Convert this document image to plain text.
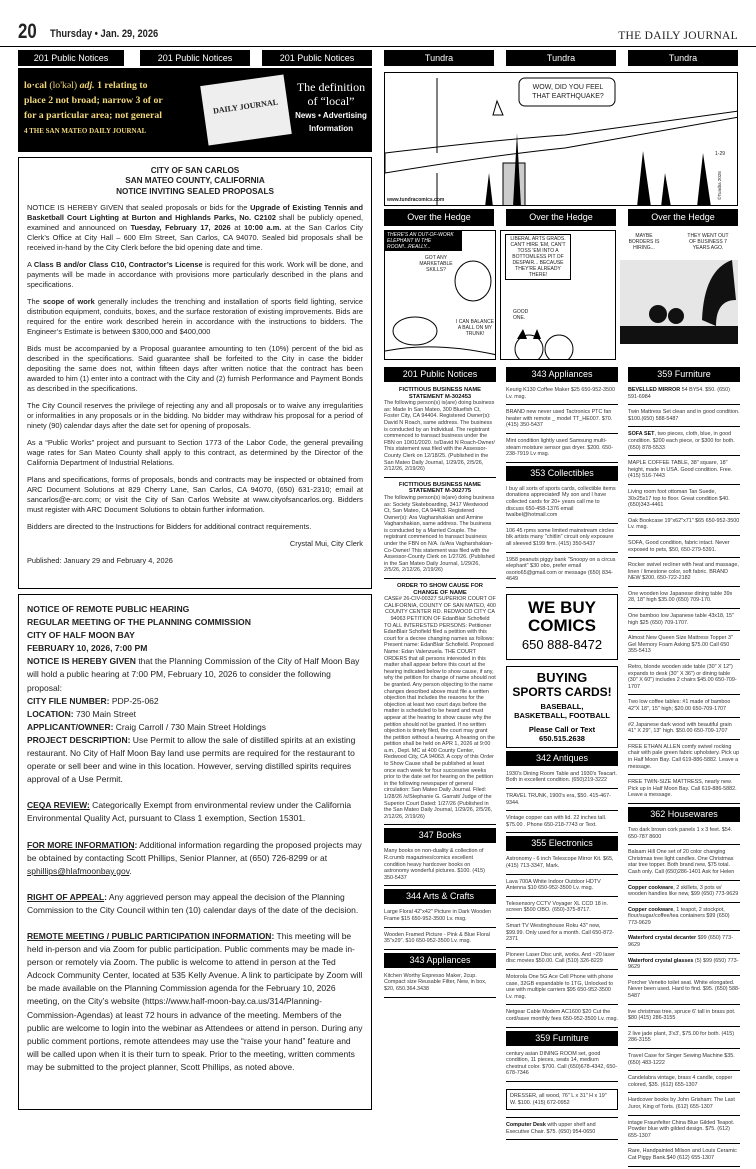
20 Thursday • Jan. 29, 2026	THE DAILY JOURNAL
201 Public Notices	201 Public Notices	201 Public Notices	Tundra	Tundra	Tundra
lo·cal (lo'kəl) adj. 1 relating to
place 2 not broad; narrow 3 of or
for a particular area; not general
4 THE SAN MATEO DAILY JOURNAL
DAILY JOURNAL
The definition
of “local”
News • Advertising
Information
CITY OF SAN CARLOS
SAN MATEO COUNTY, CALIFORNIA
NOTICE INVITING SEALED PROPOSALS

NOTICE IS HEREBY GIVEN that sealed proposals or bids for the Upgrade of Existing Tennis and Basketball Court Lighting at Burton and Highlands Parks, No. C2102 shall be publicly opened, examined and announced on Tuesday, February 17, 2026 at 10:00 a.m. at the San Carlos City Clerk’s Office at City Hall – 600 Elm Street, San Carlos, CA 94070. Sealed bid proposals shall be received in-hand by the City Clerk before the bid opening date and time.

A Class B and/or Class C10, Contractor’s License is required for this work. Work will be done, and payments will be made in accordance with provisions more particularly described in the plans and specifications.

The scope of work generally includes the trenching and installation of sports field lighting, service distribution equipment, conduits, boxes, and the surface restoration of existing improvements. Bids are required for the entire work described herein in accordance with the instructions to bidders. The Engineer’s Estimate is between $300,000 and $400,000

Bids must be accompanied by a Proposal guarantee amounting to ten (10%) percent of the bid as described in the specifications. Said guarantee shall be forfeited to the City in case the bidder depositing the same does not, within fifteen days after written notice that the contract has been awarded to him (1) enter into a contract with the City and (2) furnish Performance and Payment Bonds as described in the specifications.

The City Council reserves the privilege of rejecting any and all proposals or to waive any irregularities or informalities in any proposals or in the bidding. No bidder may withdraw his proposal for a period of ninety (90) calendar days after the date set for opening of proposals.

As a “Public Works” project and pursuant to Section 1773 of the Labor Code, the general prevailing wage rates for San Mateo County shall apply to this contract, as determined by the Director of the California Department of Industrial Relations.

Plans and specifications, forms of proposals, bonds and contracts may be inspected or obtained from ARC Document Solutions at 829 Cherry Lane, San Carlos, CA 94070, (650) 631-2310; email at sancarlos@e-arc.com; or visit the City of San Carlos Website at www.cityofsancarlos.org. Bidders must register with ARC Document Solutions to obtain further information.

Bidders are directed to the Instructions for Bidders for additional contract requirements.

Crystal Mui, City Clerk

Published: January 29 and February 4, 2026

NOTICE OF REMOTE PUBLIC HEARING
REGULAR MEETING OF THE PLANNING COMMISSION
CITY OF HALF MOON BAY
FEBRUARY 10, 2026, 7:00 PM

NOTICE IS HEREBY GIVEN that the Planning Commission of the City of Half Moon Bay will hold a public hearing at 7:00 PM, February 10, 2026 to consider the following proposal:

CITY FILE NUMBER: PDP-25-062

LOCATION: 730 Main Street

APPLICANT/OWNER: Craig Carroll / 730 Main Street Holdings

PROJECT DESCRIPTION: Use Permit to allow the sale of distilled spirits at an existing restaurant. No City of Half Moon Bay land use permits are required for the restaurant to operate or sell beer and wine in this location. However, serving distilled spirits requires approval of a Use Permit.

CEQA REVIEW: Categorically Exempt from environmental review under the California Environmental Quality Act, pursuant to Class 1 exemption, Section 15301.

FOR MORE INFORMATION: Additional information regarding the proposed projects may be obtained by contacting Scott Phillips, Senior Planner, at (650) 726-8299 or at sphillips@hlafmoonbay.gov.

RIGHT OF APPEAL: Any aggrieved person may appeal the decision of the Planning Commission to the City Council within ten (10) calendar days of the date of the decision.

REMOTE MEETING / PUBLIC PARTICIPATION INFORMATION: This meeting will be held in-person and via Zoom for public participation. Public comments may be made in-person or remotely via Zoom. The public is welcome to attend in person at the Ted Adcock Community Center, located at 535 Kelly Avenue. A link to participate by Zoom will be made available on the Planning Commission agenda for the February 10, 2026 meeting, on the City’s website (https://www.half-moon-bay.ca.us/314/Planning-Commission-Agendas) at least 72 hours in advance of the meeting. Members of the public are welcome to login into the webinar as Attendees or attend in person. During any public comment portions, remote attendees may use the “raise your hand” feature and will be called upon when it is their turn to speak. Prior to the meeting, written comments may be submitted to the project planner, Scott Phillips, as noted above.

WOW, DID YOU FEEL THAT EARTHQUAKE?
www.tundracomics.com
1-29
©Tundra 2026
Over the Hedge	Over the Hedge	Over the Hedge
THERE'S AN OUT-OF-WORK ELEPHANT IN THE ROOM!...REALLY...
GOT ANY MARKETABLE SKILLS?
I CAN BALANCE A BALL ON MY TRUNK!
LIBERAL ARTS GRADS. CAN'T HIRE 'EM, CAN'T TOSS 'EM INTO A BOTTOMLESS PIT OF DESPAIR... BECAUSE THEY'RE ALREADY THERE!
GOOD ONE.
MAYBE BORDERS IS HIRING...
THEY WENT OUT OF BUSINESS 7 YEARS AGO.
201 Public Notices
FICTITIOUS BUSINESS NAME
STATEMENT M-302453
The following person(s) is(are) doing business as: Made In San Mateo, 300 Bluefish Ct, Foster City, CA 94404. Registered Owner(s): David N Roach, same address. The business is conducted by an Individual. The registrant commenced to transact business under the FBN on 10/01/2020. /s/David N Roach-Owner/ This statement was filed with the Assessor-County Clerk on 12/18/25. (Published in the San Mateo Daily Journal, 1/29/26, 2/5/26, 2/12/26, 2/19/26)
FICTITIOUS BUSINESS NAME
STATEMENT M-302775
The following person(s) is(are) doing business as: Society Skateboarding, 3417 Westwood Ct, San Mateo, CA 94403. Registered Owner(s): Ara Vagharshakian and Armine Vagharshakian, same address. The business is conducted by a Married Couple. The registrant commenced to transact business under the FBN on N/A. /s/Ara Vagharshakian-Co-Owner/ This statement was filed with the Assessor-County Clerk on 1/27/26. (Published in the San Mateo Daily Journal, 1/29/26, 2/5/26, 2/12/26, 2/19/26)
ORDER TO SHOW CAUSE FOR
CHANGE OF NAME
CASE# 26-CIV-00327 SUPERIOR COURT OF CALIFORNIA, COUNTY OF SAN MATEO, 400 COUNTY CENTER RD. REDWOOD CITY CA 94063 PETITION OF EdanBlair Schofield
TO ALL INTERESTED PERSONS: Petitioner EdanBlair Schofield filed a petition with this court for a decree changing names as follows: Present name: EdanBlair Schofield. Proposed Name: Edan Valenzuela. THE COURT ORDERS that all persons interested in this matter shall appear before this court at the hearing indicated below to show cause, if any, why the petition for change of name should not be granted. Any person objecting to the name changes described above must file a written objection that includes the reasons for the objection at least two court days before the matter is scheduled to be heard and must appear at the hearing to show cause why the petition should not be granted. If no written objection is timely filed, the court may grant the petition without a hearing. A hearing on the petition shall be held on APR 1, 2026 at 9:00 a.m., Dept. MC at 400 County Center, Redwood City, CA 94063. A copy of this Order to Show Cause shall be published at least once each week for four successive weeks prior to the date set for hearing on the petition in the following newspaper of general circulation: San Mateo Daily Journal. Filed: 1/28/26 /s/Stephanie G. Garratt/ Judge of the Superior Court Dated: 1/27/26 (Published in the San Mateo Daily Journal, 1/29/26, 2/5/26, 2/12/26, 2/19/26)
347 Books
Many books on non-duality & collection of R.crumb magazines/comics excellent condition heavy hardcover books on astronomy wonderful pictures. $100. (415) 350-5437
344 Arts & Crafts
Large Floral 42"x42" Picture in Dark Wooden Frame $15 650-952-3500 Lv. msg.
Wooden Framed Picture - Pink & Blue Floral 35"x29". $10 650-952-3500 Lv. msg.
343 Appliances
Kitchen Worthy Expresso Maker, 2cup. Compact size Reusable Filter, New, in box, $20, 650.364.3438
343 Appliances
Keurig K130 Coffee Maker $25 650-952-3500 Lv. msg.
BRAND new never used Tactronics PTC fan heater with remote _ model TT_HE007. $70. (415) 350-5437
Mint condition lightly used Samsung multi-steam moisture sensor gas dryer. $200. 650-238-7919 Lv msg.
353 Collectibles
I buy all sorts of sports cards, collectible items donations appreciated! My son and I have collected cards for 20+ years call me to discuss 650-458-1376 email twalbel@hotmail.com
106 45 rpms some limited mainstream circles blk artists many "chitlin" circuit only exposure all sleeved $199 firm. (415) 350-5437
1958 peanuts piggy bank "Snoopy on a circus elephant" $30 obo, prefer email osorio65@gmail.com or message (650) 834-4649
WE BUY
COMICS
650 888-8472
BUYING
SPORTS CARDS!
BASEBALL,
BASKETBALL, FOOTBALL
Please Call or Text
650.515.2638
342 Antiques
1930's Dining Room Table and 1930's Teacart. Both in excellent condition. (650)219-3222
TRAVEL TRUNK, 1900's era, $50. 415-467-9344.
Vintage copper can with lid. 22 inches tall. $75.00 . Phone 650-218-7743 or Text.
355 Electronics
Astronomy - 6 inch Telescope Mirror Kit. $65, (415) 713-3347, Mark.
Lava 700A White Indoor Outdoor HDTV Antenna $10 650-952-3500 Lv. msg.
Telesensory CCTV Voyager XL CCD 18 in. screen $500 OBO. (650)-375-8717.
Smart TV Westinghouse Roku 43" new, $99.99. Only used for a month. Call 650-872-2371
Pioneer Laser Disc unit, works. And ~20 laser disc movies $50.00. Call (510) 326-8229
Motorola One 5G Ace Cell Phone with phone case, 32GB expandable to 1TG, Unlocked to use with multiple carriers $95 650-952-3500 Lv. msg.
Netgear Cable Modem AC1600 $20 Cut the cord/save monthly fees 650-952-3500 Lv. msg.
359 Furniture
century asian DINING ROOM set, good condition, 11 pieces, seats 14, medium chestnut color. $700. Call (650)678-4342, 650-678-7346
DRESSER, all wood, 76" L x 31" H x 19" W. $100. (415) 672-0952
Computer Desk with upper shelf and Executive Chair. $75. (650) 954-0650
359 Furniture
BEVELLED MIRROR 54 BY54. $50. (650) 591-6984
Twin Mattress Set clean and in good condition. $100.(650) 588-5487
SOFA SET, two pieces, cloth, blue, in good condition. $200 each piece, or $300 for both. (650) 878-5533
MAPLE COFFEE TABLE, 38" square, 18" height, made in USA. Good condition. Free.(415) 516-7443
Living room foot ottoman Tan Suede, 30x25x17 top to floor. Great condition $40. (650)343-4461
Oak Bookcase 19"x62"x71" $65 650-952-3500 Lv. msg.
SOFA, Good condition, fabric intact. Never exposed to pets, $50, 650-279-5391.
Rocker swivel recliner with heat and massage, linen / limestone color, soft fabric. BRAND NEW $200. 650-722-2182
One wooden low Japanese dining table 39x 28, 18" high $35.00 (650) 709-170.
One bamboo low Japanese table 43x18, 15" high $25 (650) 709-1707.
Almost New Queen Size Mattress Topper 3" Gel Memory Foam Asking $75.00 Call 650 355-5413
Retro, blonde wooden side table (30" X 12") expands to desk (30" X 36") or dining table (30" X 60") includes 2 chairs $45.00 650-709-1707
Two low coffee tables: #1 made of bamboo 42"X 18", 15" high; $20.00 650-709-1707
#2 Japanese dark wood with beautiful grain 41" X 29", 13" high. $50.00 650-709-1707
FREE ETHAN ALLEN comfy swivel rocking chair with pale green fabric upholstery. Pick up in Half Moon Bay. Call 619-886-5882. Leave a message.
FREE TWIN-SIZE MATTRESS, nearly new. Pick up in Half Moon Bay. Call 619-886-5882. Leave a message.
362 Housewares
Two dark brown cork panels 1 x 3 feet. $54. 650-787 8600
Balsam Hill One set of 20 color changing Christmas tree light candles. One Christmas star tree topper. Both brand new, $75 total. Cash only. Call (650)286-1401 Ask for Helen
Copper cookware, 2 skillets, 3 pots w/ wooden handles like new, $99 (650) 773-9629
Copper cookware, 1 teapot, 2 stockpot, flour/sugar/coffee/tea containers $99 (650) 773-9629
Waterford crystal decanter $99 (650) 773-9629
Waterford crystal glasses (5) $99 (650) 773-9629
Porcher Venetio toilet seat. White elongated. Never been used. Hard to find. $95. (650) 588-5487
live christmas tree, spruce 6' tall in brass pot. $80 (415) 286-3155
2 live jade plant, 3'x3', $75.00 for both. (415) 286-3155
Travel Case for Singer Sewing Machine $35. (650) 483-1222
Candelabra vintage, brass 4 candle, copper colored, $35. (612) 655-1307
Hardcover books by John Grisham: The Last Juror, King of Torts. (612) 655-1307
intage Fraunfelter China Blue Gilded Teapot. Powder blue with gilded design. $75. (612) 655-1307
Rare, Handpainted Milson and Louis Ceramic Cat Piggy Bank.$40 (612) 655-1307
